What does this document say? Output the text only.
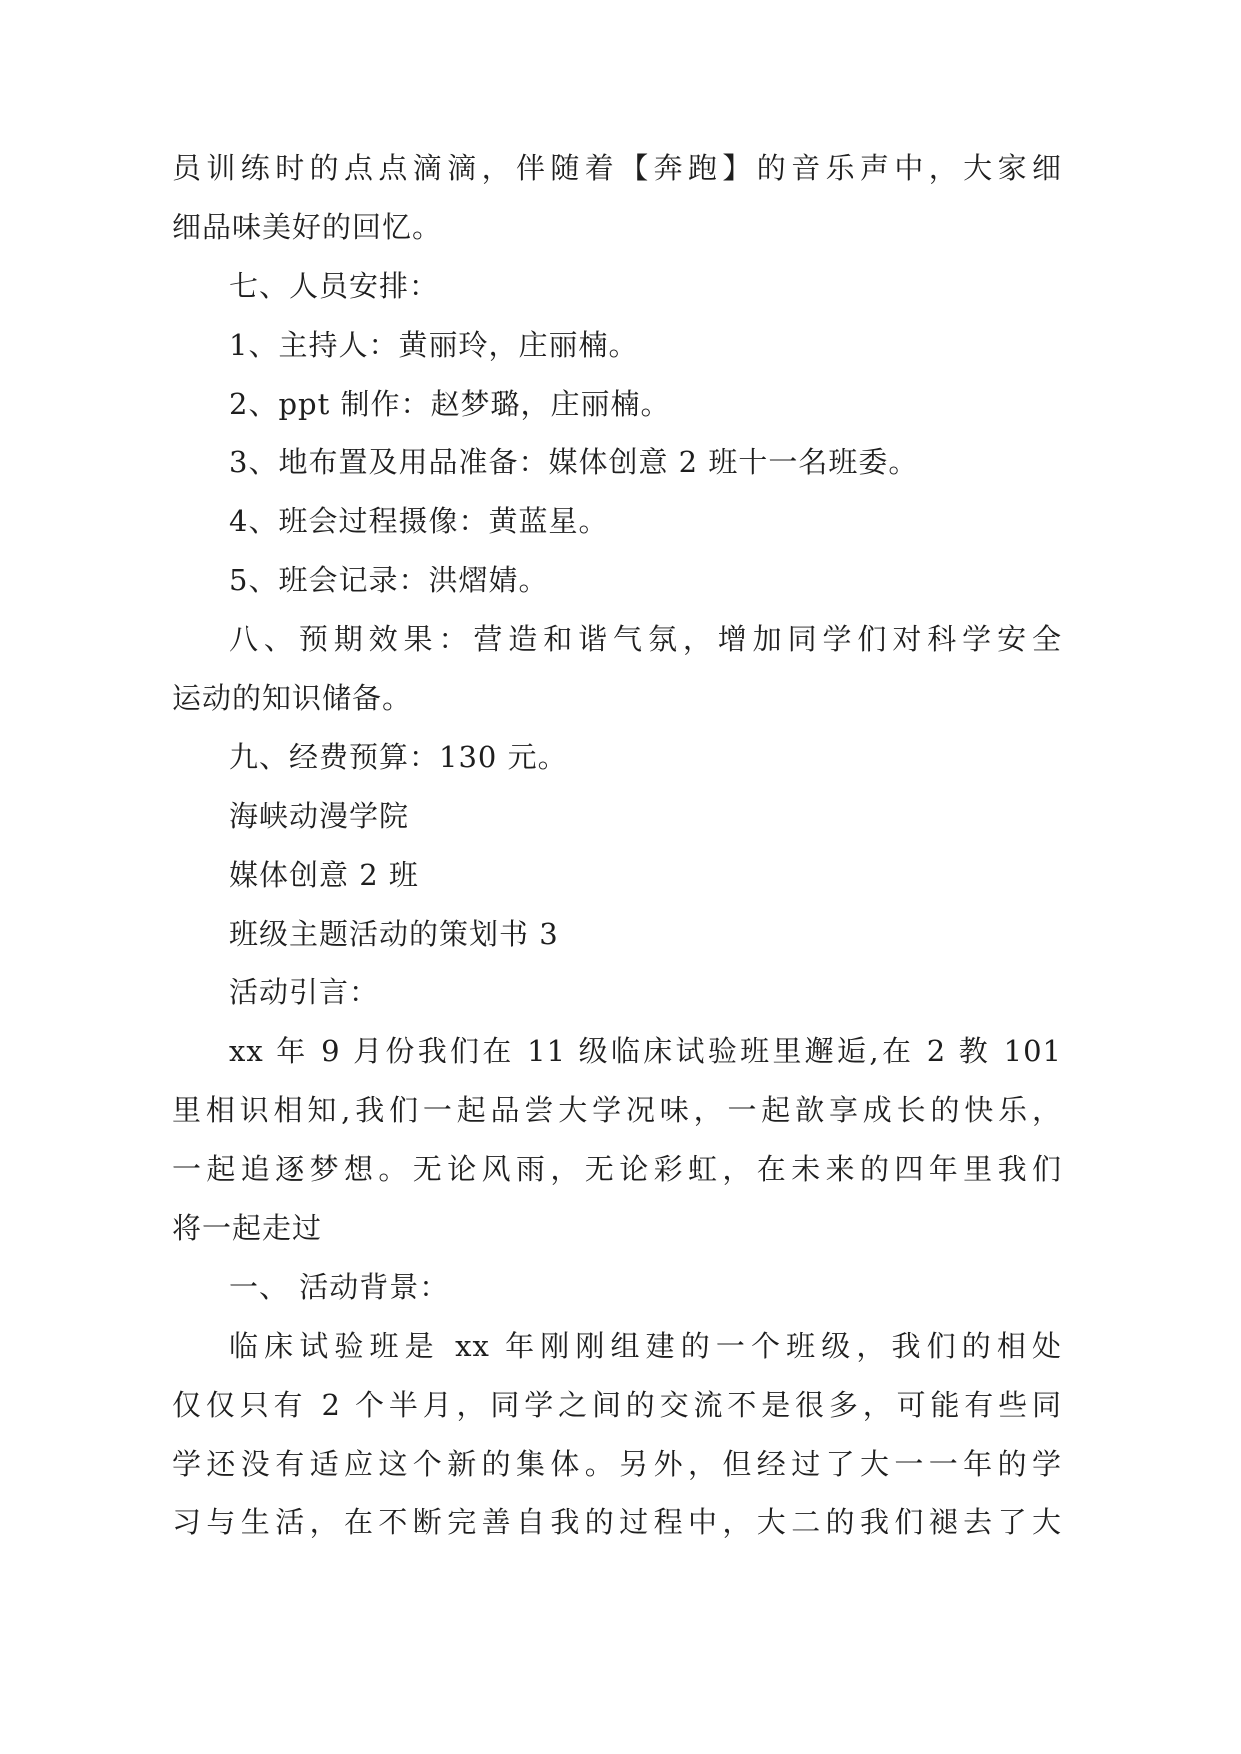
员训练时的点点滴滴，伴随着【奔跑】的音乐声中，大家细
细品味美好的回忆。
七、人员安排：
1、主持人：黄丽玲，庄丽楠。
2、ppt 制作：赵梦璐，庄丽楠。
3、地布置及用品准备：媒体创意 2 班十一名班委。
4、班会过程摄像：黄蓝星。
5、班会记录：洪熠婧。
八、预期效果：营造和谐气氛，增加同学们对科学安全
运动的知识储备。
九、经费预算：130 元。
海峡动漫学院
媒体创意 2 班
班级主题活动的策划书 3
活动引言：
xx 年 9 月份我们在 11 级临床试验班里邂逅,在 2 教 101
里相识相知,我们一起品尝大学况味，一起歆享成长的快乐，
一起追逐梦想。无论风雨，无论彩虹，在未来的四年里我们
将一起走过
一、 活动背景：
临床试验班是 xx 年刚刚组建的一个班级，我们的相处
仅仅只有 2 个半月，同学之间的交流不是很多，可能有些同
学还没有适应这个新的集体。另外，但经过了大一一年的学
习与生活，在不断完善自我的过程中，大二的我们褪去了大
